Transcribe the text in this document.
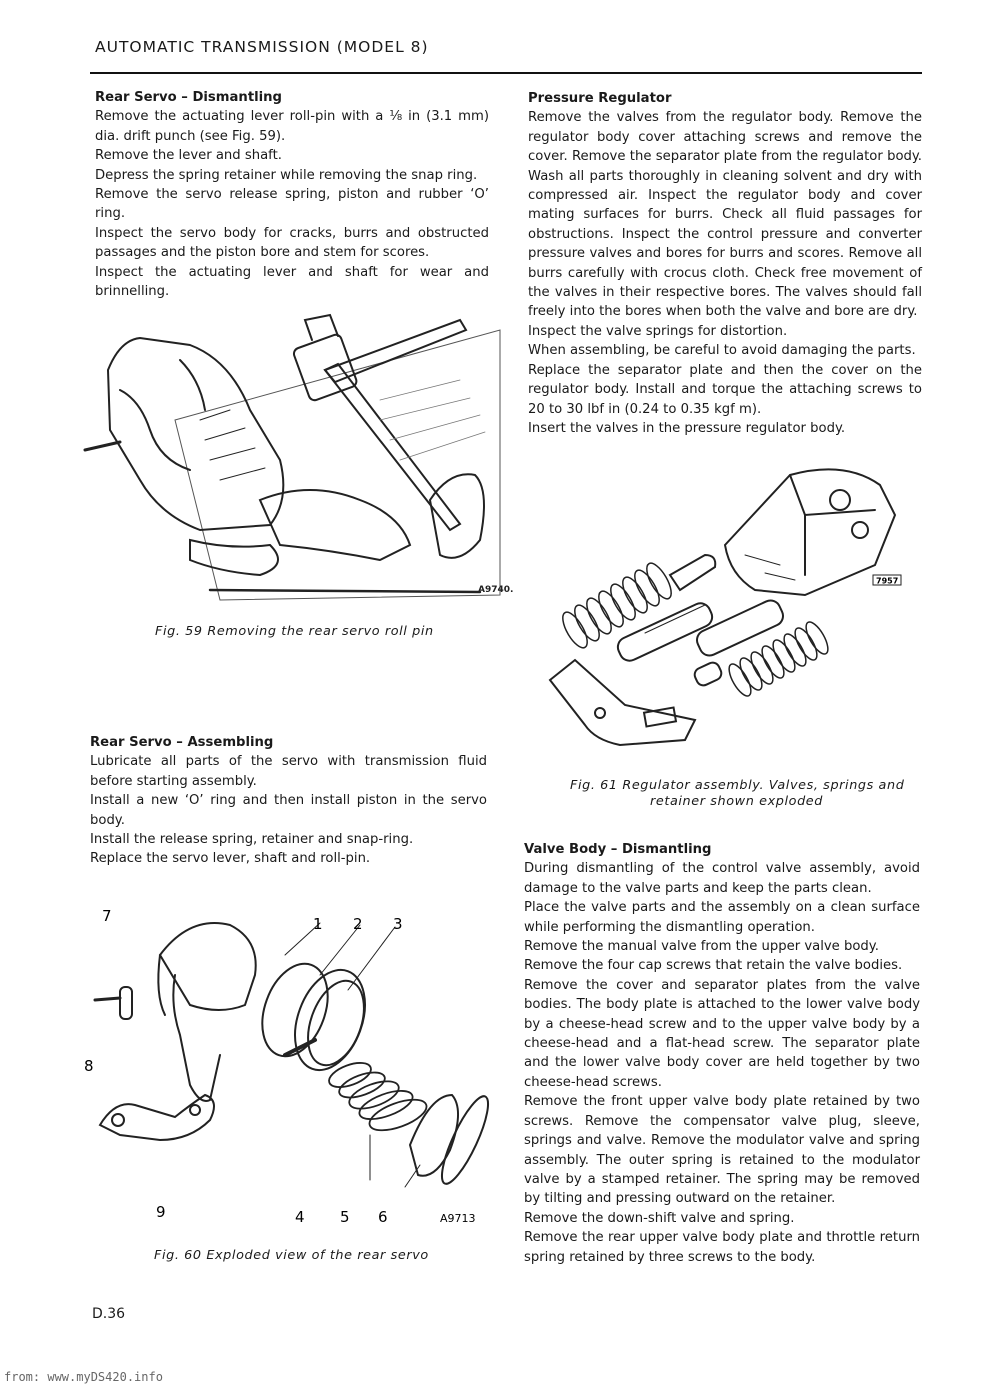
AUTOMATIC TRANSMISSION (MODEL 8)
Rear Servo – Dismantling

Remove the actuating lever roll-pin with a ⅛ in (3.1 mm) dia. drift punch (see Fig. 59).

Remove the lever and shaft.

Depress the spring retainer while removing the snap ring.

Remove the servo release spring, piston and rubber ‘O’ ring.

Inspect the servo body for cracks, burrs and obstructed passages and the piston bore and stem for scores.

Inspect the actuating lever and shaft for wear and brinnelling.

A9740.
Fig. 59 Removing the rear servo roll pin
Rear Servo – Assembling

Lubricate all parts of the servo with transmission fluid before starting assembly.

Install a new ‘O’ ring and then install piston in the servo body.

Install the release spring, retainer and snap-ring.

Replace the servo lever, shaft and roll-pin.

7	1 2 3
8
9	4 5 6	A9713
Fig. 60 Exploded view of the rear servo
Pressure Regulator

Remove the valves from the regulator body. Remove the regulator body cover attaching screws and remove the cover. Remove the separator plate from the regulator body. Wash all parts thoroughly in cleaning solvent and dry with compressed air. Inspect the regulator body and cover mating surfaces for burrs. Check all fluid passages for obstructions. Inspect the control pressure and converter pressure valves and bores for burrs and scores. Remove all burrs carefully with crocus cloth. Check free movement of the valves in their respective bores. The valves should fall freely into the bores when both the valve and bore are dry.

Inspect the valve springs for distortion.

When assembling, be careful to avoid damaging the parts.

Replace the separator plate and then the cover on the regulator body. Install and torque the attaching screws to 20 to 30 lbf in (0.24 to 0.35 kgf m).

Insert the valves in the pressure regulator body.

7957
Fig. 61 Regulator assembly. Valves, springs and
retainer shown exploded
Valve Body – Dismantling

During dismantling of the control valve assembly, avoid damage to the valve parts and keep the parts clean.

Place the valve parts and the assembly on a clean surface while performing the dismantling operation.

Remove the manual valve from the upper valve body.

Remove the four cap screws that retain the valve bodies.

Remove the cover and separator plates from the valve bodies. The body plate is attached to the lower valve body by a cheese-head screw and to the upper valve body by a cheese-head and a flat-head screw. The separator plate and the lower valve body cover are held together by two cheese-head screws.

Remove the front upper valve body plate retained by two screws. Remove the compensator valve plug, sleeve, springs and valve. Remove the modulator valve and spring assembly. The outer spring is retained to the modulator valve by a stamped retainer. The spring may be removed by tilting and pressing outward on the retainer.

Remove the down-shift valve and spring.

Remove the rear upper valve body plate and throttle return spring retained by three screws to the body.

D.36
from: www.myDS420.info
